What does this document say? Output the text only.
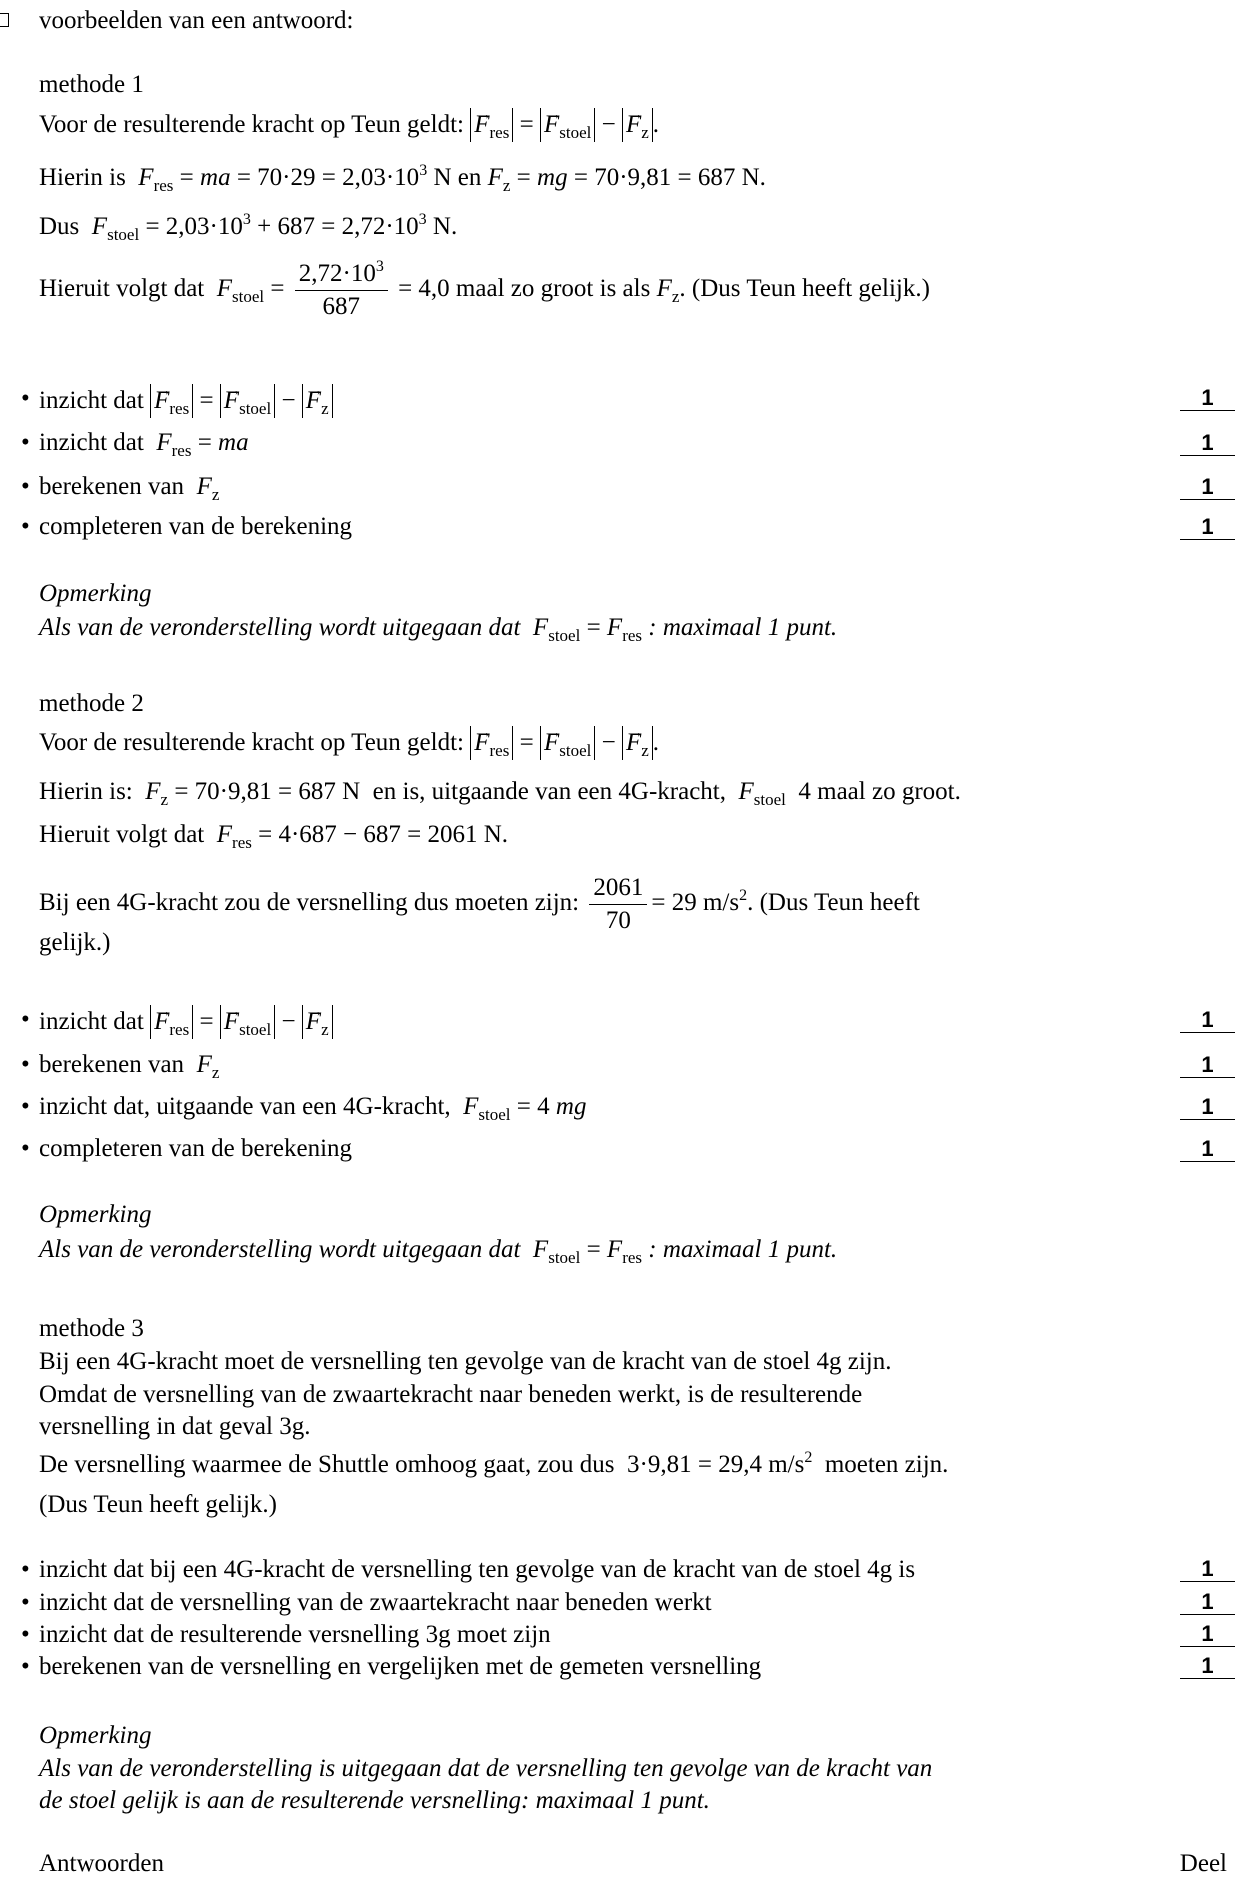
voorbeelden van een antwoord:
methode 1
Voor de resulterende kracht op Teun geldt: → $F_{res}$ = → $F_{stoel}$ − → $F_z$ .
Hierin is $F_{res}$ = ma = $70\cdot 29 = 2,03\cdot 10^3$ N en $F_z$ = mg = 70·9,81 = 687 N.
Dus $F_{stoel} = 2,03\cdot 10^3 + 687 = 2,72\cdot 10^3$ N.
Hieruit volgt dat $F_{stoel} = \frac{2,72\cdot 10^3}{687} = 4,0$ maal zo groot is als $F_z$. (Dus Teun heeft gelijk.)
• inzicht dat → $F_{res}$ = → $F_{stoel}$ − → $F_z$	1
• inzicht dat $F_{res}$ = ma	1
• berekenen van $F_z$	1
• completeren van de berekening	1
Opmerking
Als van de veronderstelling wordt uitgegaan dat $F_{stoel} = F_{res}$ : maximaal 1 punt.
methode 2
Voor de resulterende kracht op Teun geldt: → $F_{res}$ = → $F_{stoel}$ − → $F_z$ .
Hierin is: $F_z = 70\cdot 9,81 = 687$ N  en is, uitgaande van een 4G-kracht, $F_{stoel}$ 4 maal zo groot.
Hieruit volgt dat $F_{res} = 4\cdot 687 - 687 = 2061$ N.
Bij een 4G-kracht zou de versnelling dus moeten zijn: $\frac{2061}{70} = 29$ $m/s^2$. (Dus Teun heeft
gelijk.)
• inzicht dat → $F_{res}$ = → $F_{stoel}$ − → $F_z$	1
• berekenen van $F_z$	1
• inzicht dat, uitgaande van een 4G-kracht, $F_{stoel} = 4$ mg	1
• completeren van de berekening	1
Opmerking
Als van de veronderstelling wordt uitgegaan dat $F_{stoel} = F_{res}$ : maximaal 1 punt.
methode 3
Bij een 4G-kracht moet de versnelling ten gevolge van de kracht van de stoel 4g zijn.
Omdat de versnelling van de zwaartekracht naar beneden werkt, is de resulterende
versnelling in dat geval 3g.
De versnelling waarmee de Shuttle omhoog gaat, zou dus  3·9,81 = 29,4 $m/s^2$ moeten zijn.
(Dus Teun heeft gelijk.)
• inzicht dat bij een 4G-kracht de versnelling ten gevolge van de kracht van de stoel 4g is	1
• inzicht dat de versnelling van de zwaartekracht naar beneden werkt	1
• inzicht dat de resulterende versnelling 3g moet zijn	1
• berekenen van de versnelling en vergelijken met de gemeten versnelling	1
Opmerking
Als van de veronderstelling is uitgegaan dat de versnelling ten gevolge van de kracht van
de stoel gelijk is aan de resulterende versnelling: maximaal 1 punt.
Antwoorden	Deel
